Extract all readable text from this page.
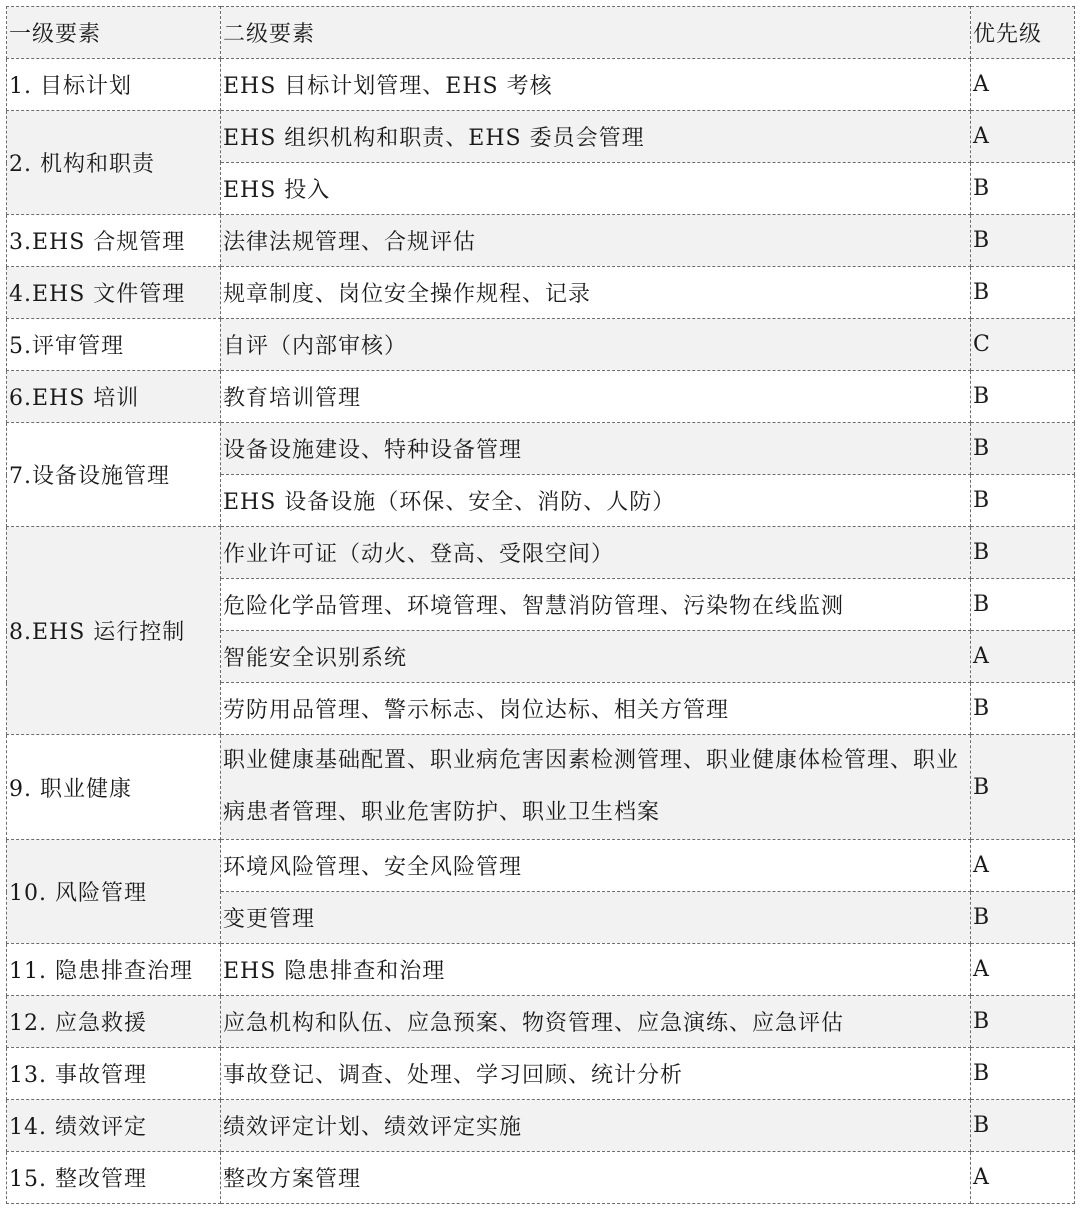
一级要素	二级要素	优先级
1. 目标计划	EHS 目标计划管理、EHS 考核	A
2. 机构和职责	EHS 组织机构和职责、EHS 委员会管理	A
	EHS 投入	B
3.EHS 合规管理	法律法规管理、合规评估	B
4.EHS 文件管理	规章制度、岗位安全操作规程、记录	B
5.评审管理	自评（内部审核）	C
6.EHS 培训	教育培训管理	B
7.设备设施管理	设备设施建设、特种设备管理	B
	EHS 设备设施（环保、安全、消防、人防）	B
8.EHS 运行控制	作业许可证（动火、登高、受限空间）	B
	危险化学品管理、环境管理、智慧消防管理、污染物在线监测	B
	智能安全识别系统	A
	劳防用品管理、警示标志、岗位达标、相关方管理	B
9. 职业健康	职业健康基础配置、职业病危害因素检测管理、职业健康体检管理、职业病患者管理、职业危害防护、职业卫生档案	B
10. 风险管理	环境风险管理、安全风险管理	A
	变更管理	B
11. 隐患排查治理	EHS 隐患排查和治理	A
12. 应急救援	应急机构和队伍、应急预案、物资管理、应急演练、应急评估	B
13. 事故管理	事故登记、调查、处理、学习回顾、统计分析	B
14. 绩效评定	绩效评定计划、绩效评定实施	B
15. 整改管理	整改方案管理	A
